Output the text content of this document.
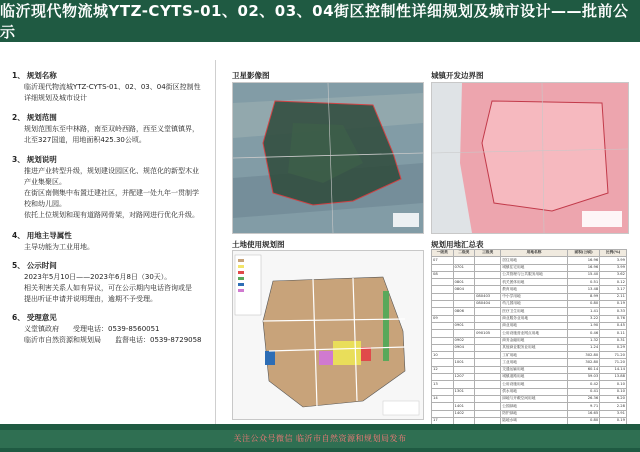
临沂现代物流城YTZ-CYTS-01、02、03、04街区控制性详细规划及城市设计——批前公示
1、 规划名称
临沂现代物流城YTZ-CYTS-01、02、03、04街区控制性
详细规划及城市设计
2、 规划范围
规划范围东至中林路，南至双岭西路，西至义堂镇镇界，
北至327国道，用地面积425.30公顷。
3、 规划说明
推进产业转型升级，规划建设园区化、规范化的新型木业
产业集聚区。
在街区南侧集中布置迁建社区，并配建一处九年一贯制学
校和幼儿园。
依托上位规划和现有道路网骨架，对路网进行优化升级。
4、 用地主导属性
主导功能为工业用地。
5、 公示时间
2023年5月10日——2023年6月8日（30天）。
相关利害关系人如有异议，可在公示期内电话咨询或是
提出听证申请并说明理由，逾期不予受理。
6、 受理意见
义堂镇政府　　受理电话：0539-8560051
临沂市自然资源和规划局　　监督电话：0539-8729058
卫星影像图	城镇开发边界图
土地使用规划图	规划用地汇总表
一级类	二级类	三级类	用地名称	面积(公顷)	比例(%)
07			居住用地	16.96	3.99
	0701		城镇住宅用地	16.96	3.99
08			公共管理与公共服务用地	15.40	3.62
	0801		机关团体用地	0.51	0.12
	0804		教育用地	13.48	3.17
		080403	中小学用地	8.99	2.11
		080404	幼儿园用地	0.80	0.19
	0806		医疗卫生用地	1.41	0.33
09			商业服务业用地	3.22	0.76
	0901		商业用地	1.90	0.45
		090105	公用设施营业网点用地	0.46	0.11
	0902		商务金融用地	1.32	0.31
	0904		其他商业服务业用地	1.24	0.29
10			工矿用地	302.80	71.20
	1001		工业用地	302.80	71.20
12			交通运输用地	60.14	14.14
	1207		城镇道路用地	59.03	13.88
13			公用设施用地	0.42	0.10
	1301		供水用地	0.41	0.10
14			绿地与开敞空间用地	26.36	6.20
	1401		公园绿地	9.71	2.28
	1402		防护绿地	16.65	3.91
17			陆地水域	0.80	0.19

关注公众号微信 临沂市自然资源和规划局发布
